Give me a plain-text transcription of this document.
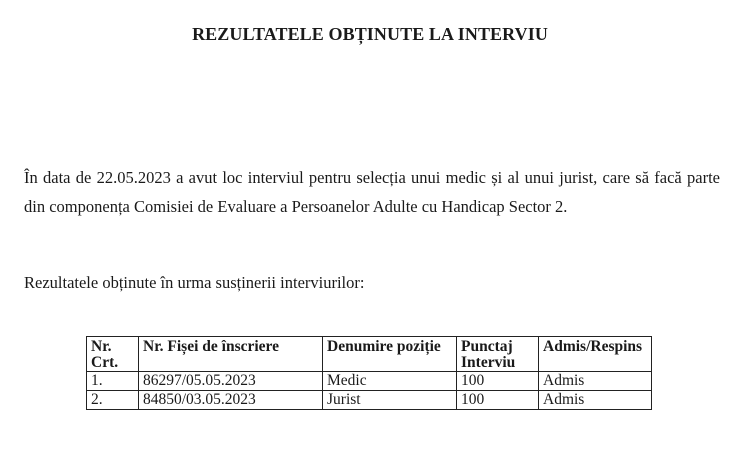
REZULTATELE OBȚINUTE LA INTERVIU
În data de 22.05.2023 a avut loc interviul pentru selecția unui medic și al unui jurist, care să facă parte din componența Comisiei de Evaluare a Persoanelor Adulte cu Handicap Sector 2.
Rezultatele obținute în urma susținerii interviurilor:
Nr. Crt.	Nr. Fișei de înscriere	Denumire poziție	Punctaj Interviu	Admis/Respins
1.	86297/05.05.2023	Medic	100	Admis
2.	84850/03.05.2023	Jurist	100	Admis
